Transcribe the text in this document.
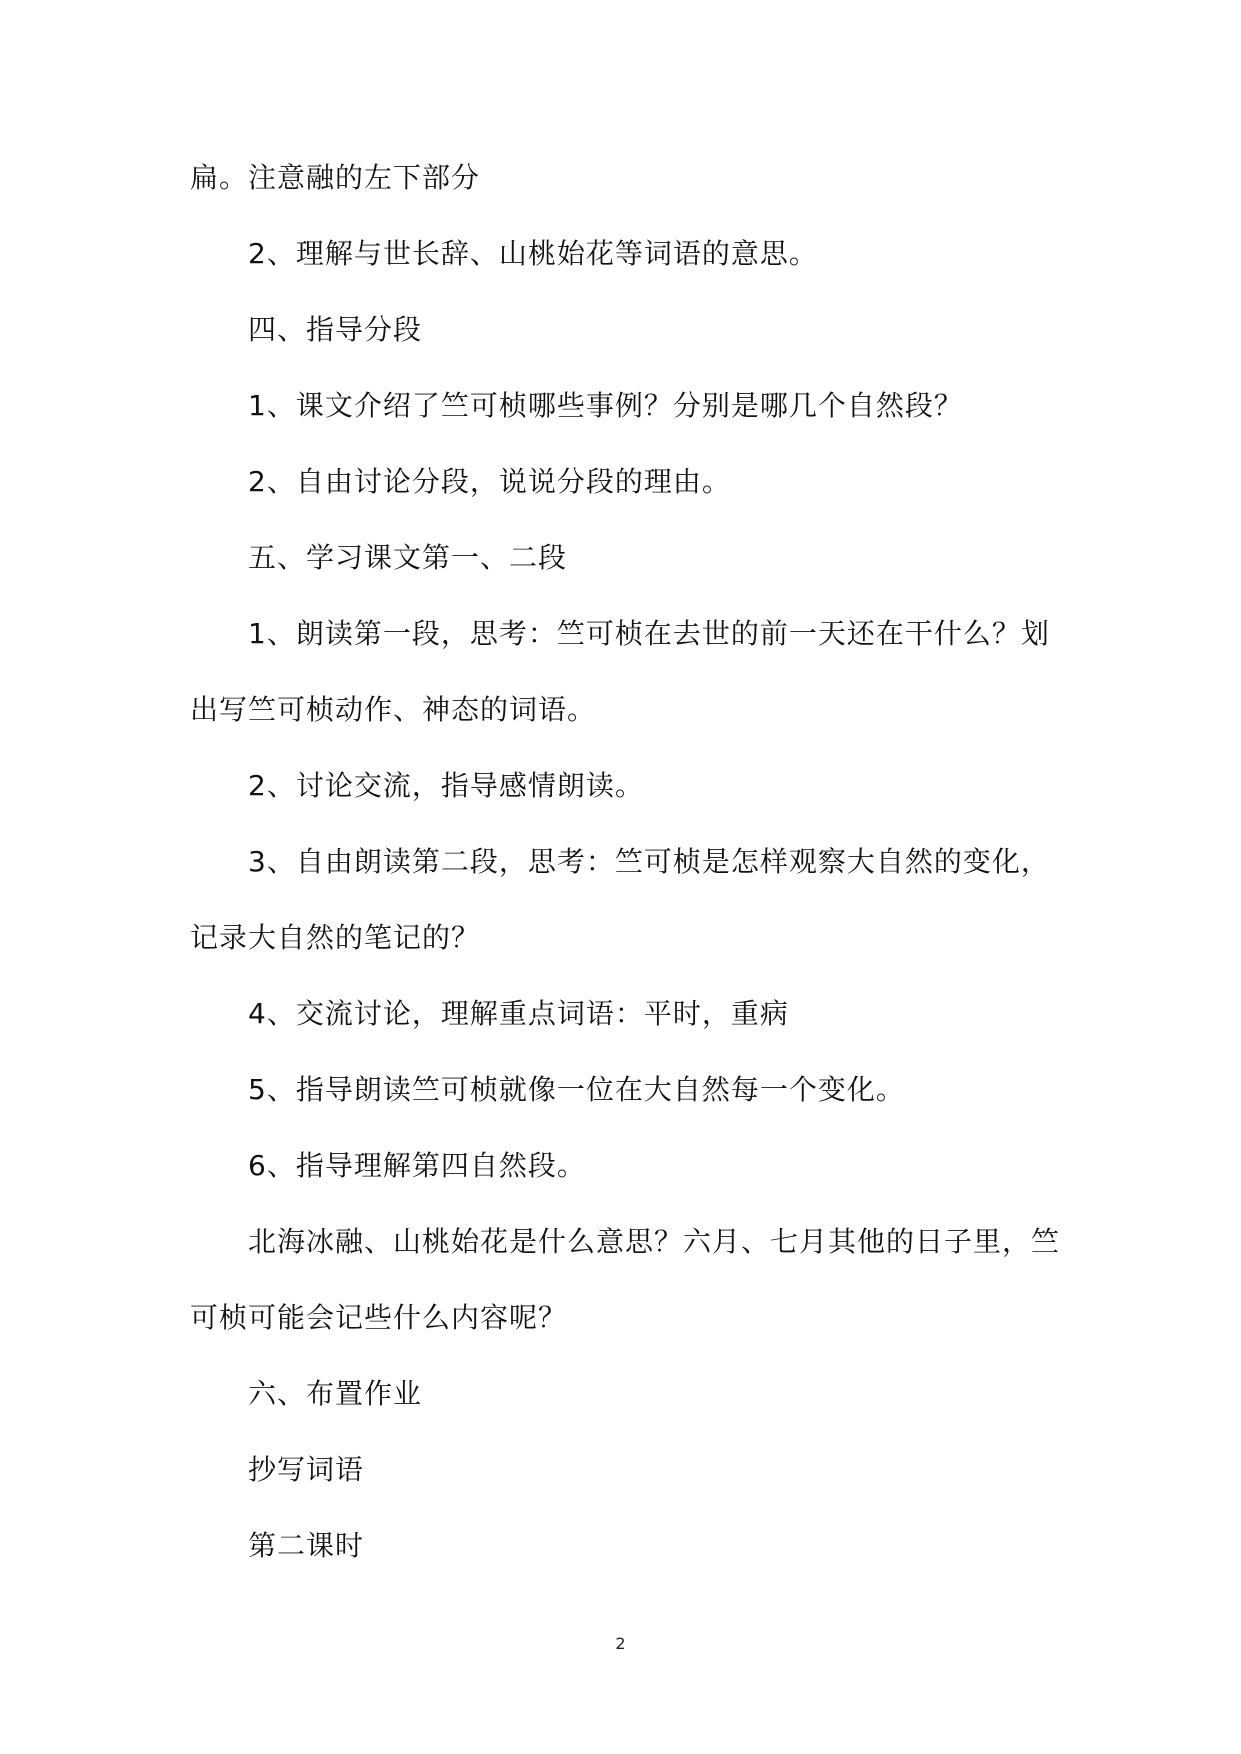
扁。注意融的左下部分
2、理解与世长辞、山桃始花等词语的意思。
四、指导分段
1、课文介绍了竺可桢哪些事例？分别是哪几个自然段？
2、自由讨论分段，说说分段的理由。
五、学习课文第一、二段
1、朗读第一段，思考：竺可桢在去世的前一天还在干什么？划
出写竺可桢动作、神态的词语。
2、讨论交流，指导感情朗读。
3、自由朗读第二段，思考：竺可桢是怎样观察大自然的变化，
记录大自然的笔记的？
4、交流讨论，理解重点词语：平时，重病
5、指导朗读竺可桢就像一位在大自然每一个变化。
6、指导理解第四自然段。
北海冰融、山桃始花是什么意思？六月、七月其他的日子里，竺
可桢可能会记些什么内容呢？
六、布置作业
抄写词语
第二课时
2
